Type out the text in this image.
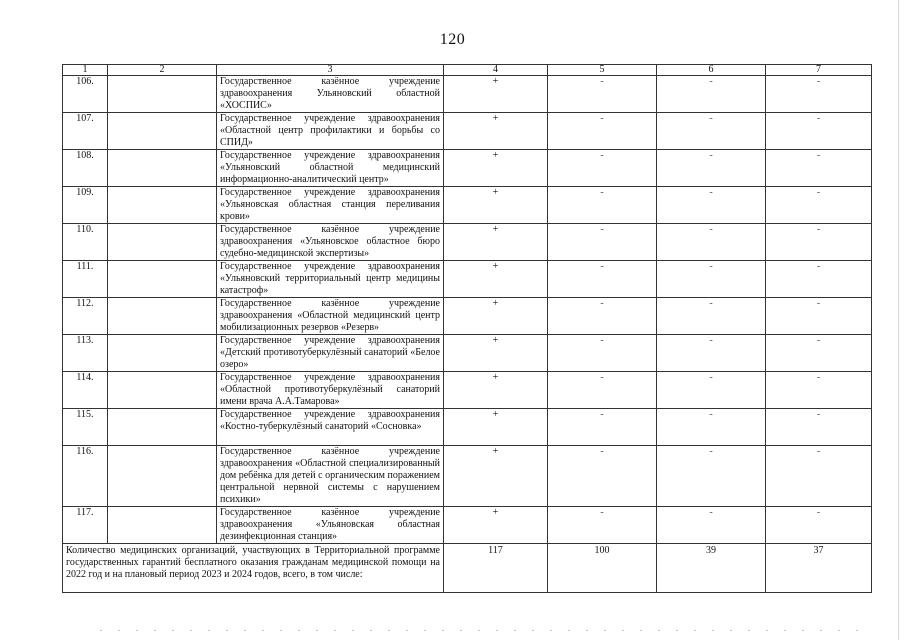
120
1	2	3	4	5	6	7
106.		Государственное казённое учреждение здравоохранения Ульяновский областной «ХОСПИС»	+	-	-	-
107.		Государственное учреждение здравоохранения «Областной центр профилактики и борьбы со СПИД»	+	-	-	-
108.		Государственное учреждение здравоохранения «Ульяновский областной медицинский информационно-аналитический центр»	+	-	-	-
109.		Государственное учреждение здравоохранения «Ульяновская областная станция переливания крови»	+	-	-	-
110.		Государственное казённое учреждение здравоохранения «Ульяновское областное бюро судебно-медицинской экспертизы»	+	-	-	-
111.		Государственное учреждение здравоохранения «Ульяновский территориальный центр медицины катастроф»	+	-	-	-
112.		Государственное казённое учреждение здравоохранения «Областной медицинский центр мобилизационных резервов «Резерв»	+	-	-	-
113.		Государственное учреждение здравоохранения «Детский противотуберкулёзный санаторий «Белое озеро»	+	-	-	-
114.		Государственное учреждение здравоохранения «Областной противотуберкулёзный санаторий имени врача А.А.Тамарова»	+	-	-	-
115.		Государственное учреждение здравоохранения «Костно-туберкулёзный санаторий «Сосновка»	+	-	-	-
116.		Государственное казённое учреждение здравоохранения «Областной специализированный дом ребёнка для детей с органическим поражением центральной нервной системы с нарушением психики»	+	-	-	-
117.		Государственное казённое учреждение здравоохранения «Ульяновская областная дезинфекционная станция»	+	-	-	-
Количество медицинских организаций, участвующих в Территориальной программе государственных гарантий бесплатного оказания гражданам медицинской помощи на 2022 год и на плановый период 2023 и 2024 годов, всего, в том числе:			117	100	39	37
